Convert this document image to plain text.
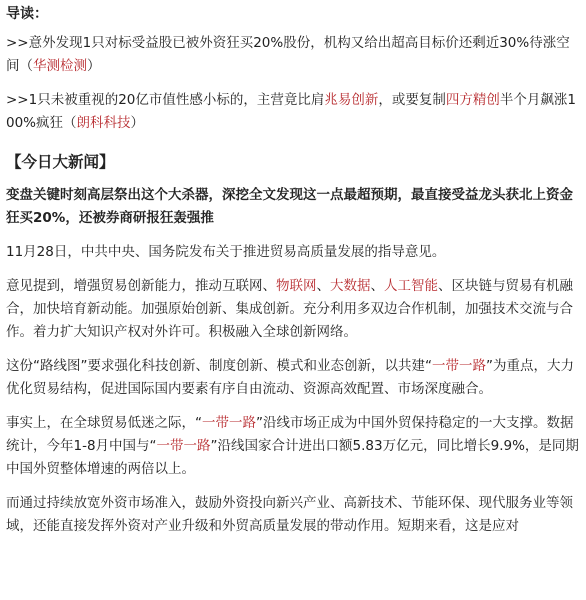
导读：

>>意外发现1只对标受益股已被外资狂买20%股份，机构又给出超高目标价还剩近30%待涨空间（华测检测）

>>1只未被重视的20亿市值性感小标的，主营竟比肩兆易创新，或要复制四方精创半个月飙涨100%疯狂（朗科科技）

【今日大新闻】

变盘关键时刻高层祭出这个大杀器，深挖全文发现这一点最超预期，最直接受益龙头获北上资金狂买20%，还被券商研报狂轰强推

11月28日，中共中央、国务院发布关于推进贸易高质量发展的指导意见。

意见提到，增强贸易创新能力，推动互联网、物联网、大数据、人工智能、区块链与贸易有机融合，加快培育新动能。加强原始创新、集成创新。充分利用多双边合作机制，加强技术交流与合作。着力扩大知识产权对外许可。积极融入全球创新网络。

这份“路线图”要求强化科技创新、制度创新、模式和业态创新，以共建“一带一路”为重点，大力优化贸易结构，促进国际国内要素有序自由流动、资源高效配置、市场深度融合。

事实上，在全球贸易低迷之际，“一带一路”沿线市场正成为中国外贸保持稳定的一大支撑。数据统计，今年1-8月中国与“一带一路”沿线国家合计进出口额5.83万亿元，同比增长9.9%，是同期中国外贸整体增速的两倍以上。

而通过持续放宽外资市场准入，鼓励外资投向新兴产业、高新技术、节能环保、现代服务业等领域，还能直接发挥外资对产业升级和外贸高质量发展的带动作用。短期来看，这是应对
